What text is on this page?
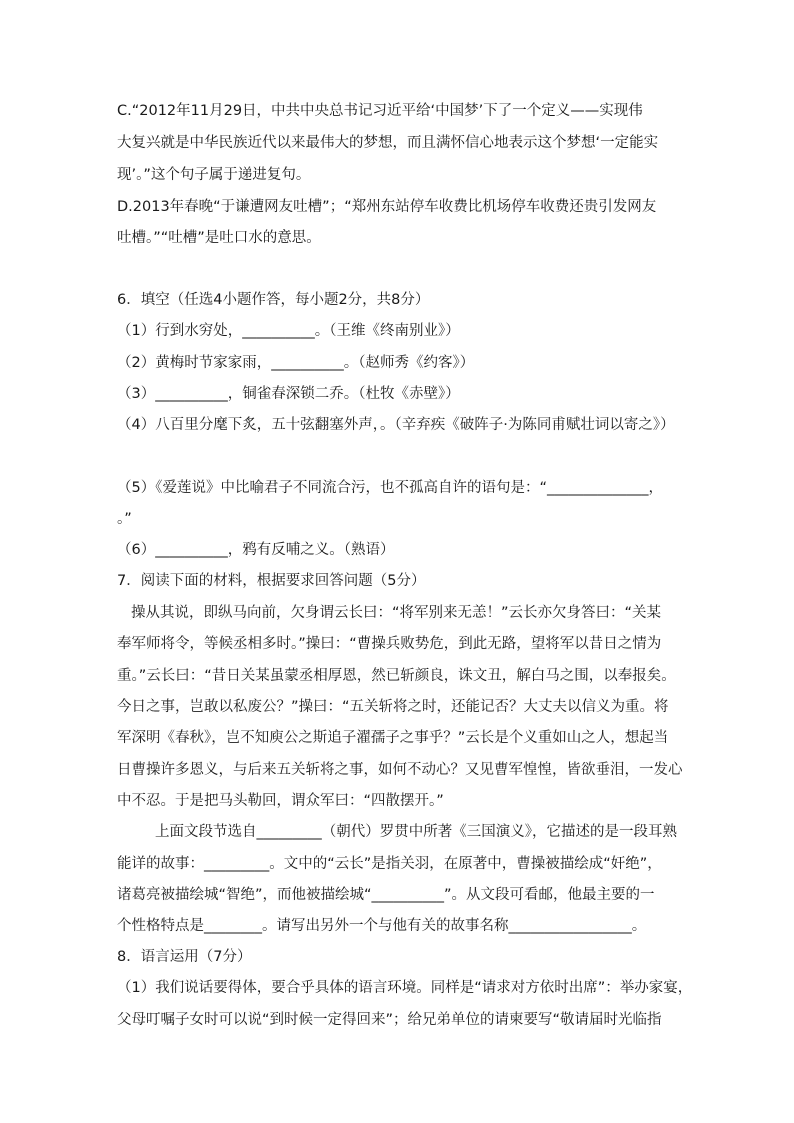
C.“2012年11月29日，中共中央总书记习近平给‘中国梦’下了一个定义——实现伟
大复兴就是中华民族近代以来最伟大的梦想，而且满怀信心地表示这个梦想‘一定能实
现’。”这个句子属于递进复句。
D.2013年春晚“于谦遭网友吐槽”；“郑州东站停车收费比机场停车收费还贵引发网友
吐槽。”“吐槽”是吐口水的意思。
6．填空（任选4小题作答，每小题2分，共8分）
（1）行到水穷处，__________。（王维《终南别业》）
（2）黄梅时节家家雨，__________。（赵师秀《约客》）
（3）__________，铜雀春深锁二乔。（杜牧《赤壁》）
（4）八百里分麾下炙，五十弦翻塞外声，。（辛弃疾《破阵子·为陈同甫赋壮词以寄之》）
（5）《爱莲说》中比喻君子不同流合污，也不孤高自许的语句是：“______________，
。”
（6）__________，鸦有反哺之义。（熟语）
7．阅读下面的材料，根据要求回答问题（5分）
操从其说，即纵马向前，欠身谓云长曰：“将军别来无恙！”云长亦欠身答曰：“关某
奉军师将令，等候丞相多时。”操曰：“曹操兵败势危，到此无路，望将军以昔日之情为
重。”云长曰：“昔日关某虽蒙丞相厚恩，然已斩颜良，诛文丑，解白马之围，以奉报矣。
今日之事，岂敢以私废公？”操曰：“五关斩将之时，还能记否？大丈夫以信义为重。将
军深明《春秋》，岂不知庾公之斯追子濯孺子之事乎？”云长是个义重如山之人，想起当
日曹操许多恩义，与后来五关斩将之事，如何不动心？又见曹军惶惶，皆欲垂泪，一发心
中不忍。于是把马头勒回，谓众军曰：“四散摆开。”
上面文段节选自_________（朝代）罗贯中所著《三国演义》，它描述的是一段耳熟
能详的故事：_________。文中的“云长”是指关羽，在原著中，曹操被描绘成“奸绝”，
诸葛亮被描绘城“智绝”，而他被描绘城“__________”。从文段可看邮，他最主要的一
个性格特点是________。请写出另外一个与他有关的故事名称_________________。
8．语言运用（7分）
（1）我们说话要得体，要合乎具体的语言环境。同样是“请求对方依时出席”：举办家宴，
父母叮嘱子女时可以说“到时候一定得回来”；给兄弟单位的请柬要写“敬请届时光临指
